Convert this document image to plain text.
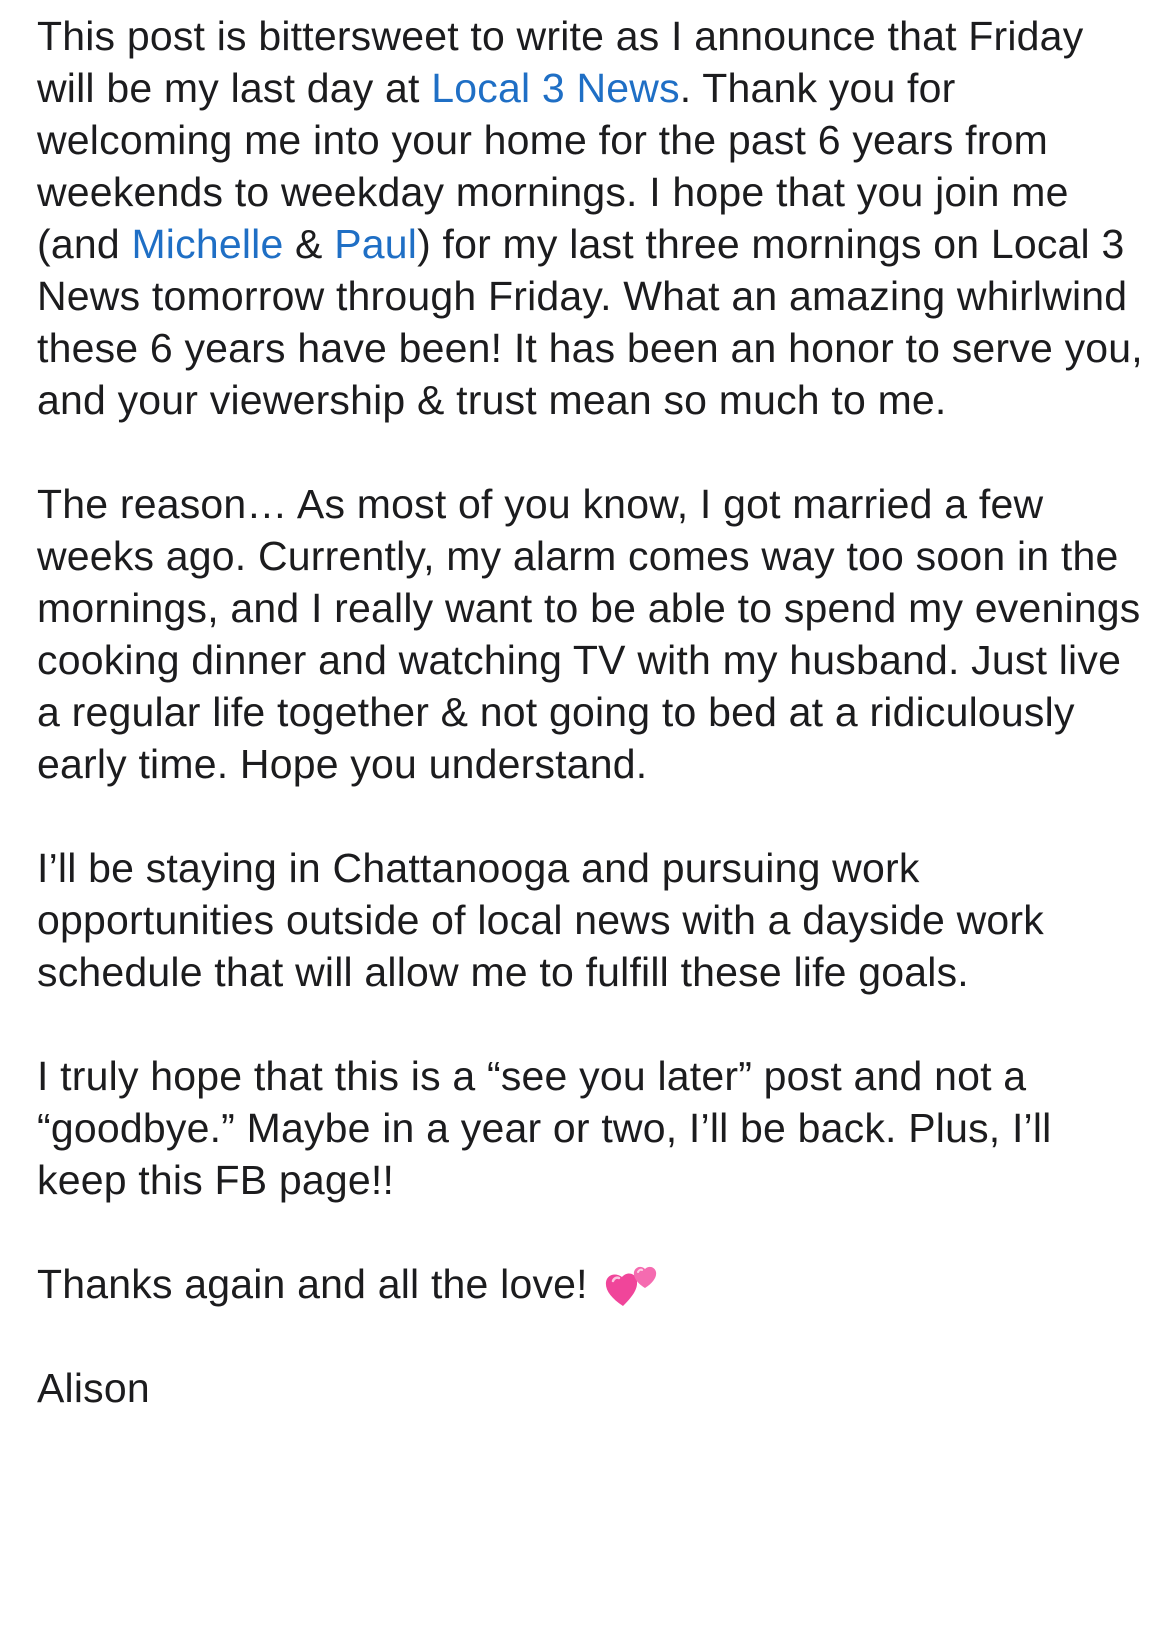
This post is bittersweet to write as I announce that Friday will be my last day at Local 3 News. Thank you for welcoming me into your home for the past 6 years from weekends to weekday mornings. I hope that you join me (and Michelle & Paul) for my last three mornings on Local 3 News tomorrow through Friday. What an amazing whirlwind these 6 years have been! It has been an honor to serve you, and your viewership & trust mean so much to me.

The reason… As most of you know, I got married a few weeks ago. Currently, my alarm comes way too soon in the mornings, and I really want to be able to spend my evenings cooking dinner and watching TV with my husband. Just live a regular life together & not going to bed at a ridiculously early time. Hope you understand.

I’ll be staying in Chattanooga and pursuing work opportunities outside of local news with a dayside work schedule that will allow me to fulfill these life goals.

I truly hope that this is a “see you later” post and not a “goodbye.” Maybe in a year or two, I’ll be back. Plus, I’ll keep this FB page!!

Thanks again and all the love!

Alison
